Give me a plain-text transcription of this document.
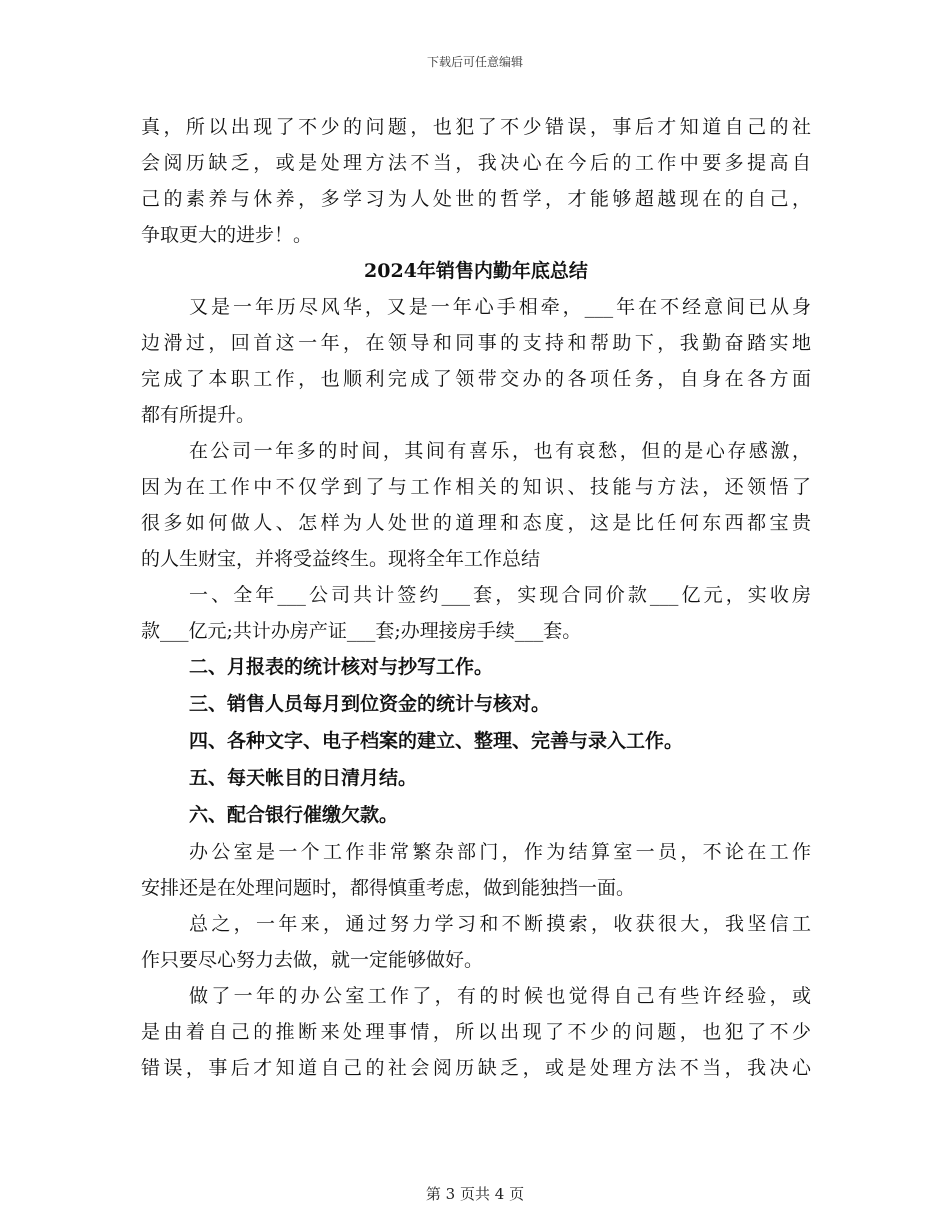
下载后可任意编辑
真，所以出现了不少的问题，也犯了不少错误，事后才知道自己的社
会阅历缺乏，或是处理方法不当，我决心在今后的工作中要多提高自
己的素养与休养，多学习为人处世的哲学，才能够超越现在的自己，
争取更大的进步！。
2024年销售内勤年底总结
又是一年历尽风华，又是一年心手相牵，___年在不经意间已从身
边滑过，回首这一年，在领导和同事的支持和帮助下，我勤奋踏实地
完成了本职工作，也顺利完成了领带交办的各项任务，自身在各方面
都有所提升。
在公司一年多的时间，其间有喜乐，也有哀愁，但的是心存感激，
因为在工作中不仅学到了与工作相关的知识、技能与方法，还领悟了
很多如何做人、怎样为人处世的道理和态度，这是比任何东西都宝贵
的人生财宝，并将受益终生。现将全年工作总结
一、全年___公司共计签约___套，实现合同价款___亿元，实收房
款___亿元;共计办房产证___套;办理接房手续___套。
二、月报表的统计核对与抄写工作。
三、销售人员每月到位资金的统计与核对。
四、各种文字、电子档案的建立、整理、完善与录入工作。
五、每天帐目的日清月结。
六、配合银行催缴欠款。
办公室是一个工作非常繁杂部门，作为结算室一员，不论在工作
安排还是在处理问题时，都得慎重考虑，做到能独挡一面。
总之，一年来，通过努力学习和不断摸索，收获很大，我坚信工
作只要尽心努力去做，就一定能够做好。
做了一年的办公室工作了，有的时候也觉得自己有些许经验，或
是由着自己的推断来处理事情，所以出现了不少的问题，也犯了不少
错误，事后才知道自己的社会阅历缺乏，或是处理方法不当，我决心
第 3 页共 4 页
